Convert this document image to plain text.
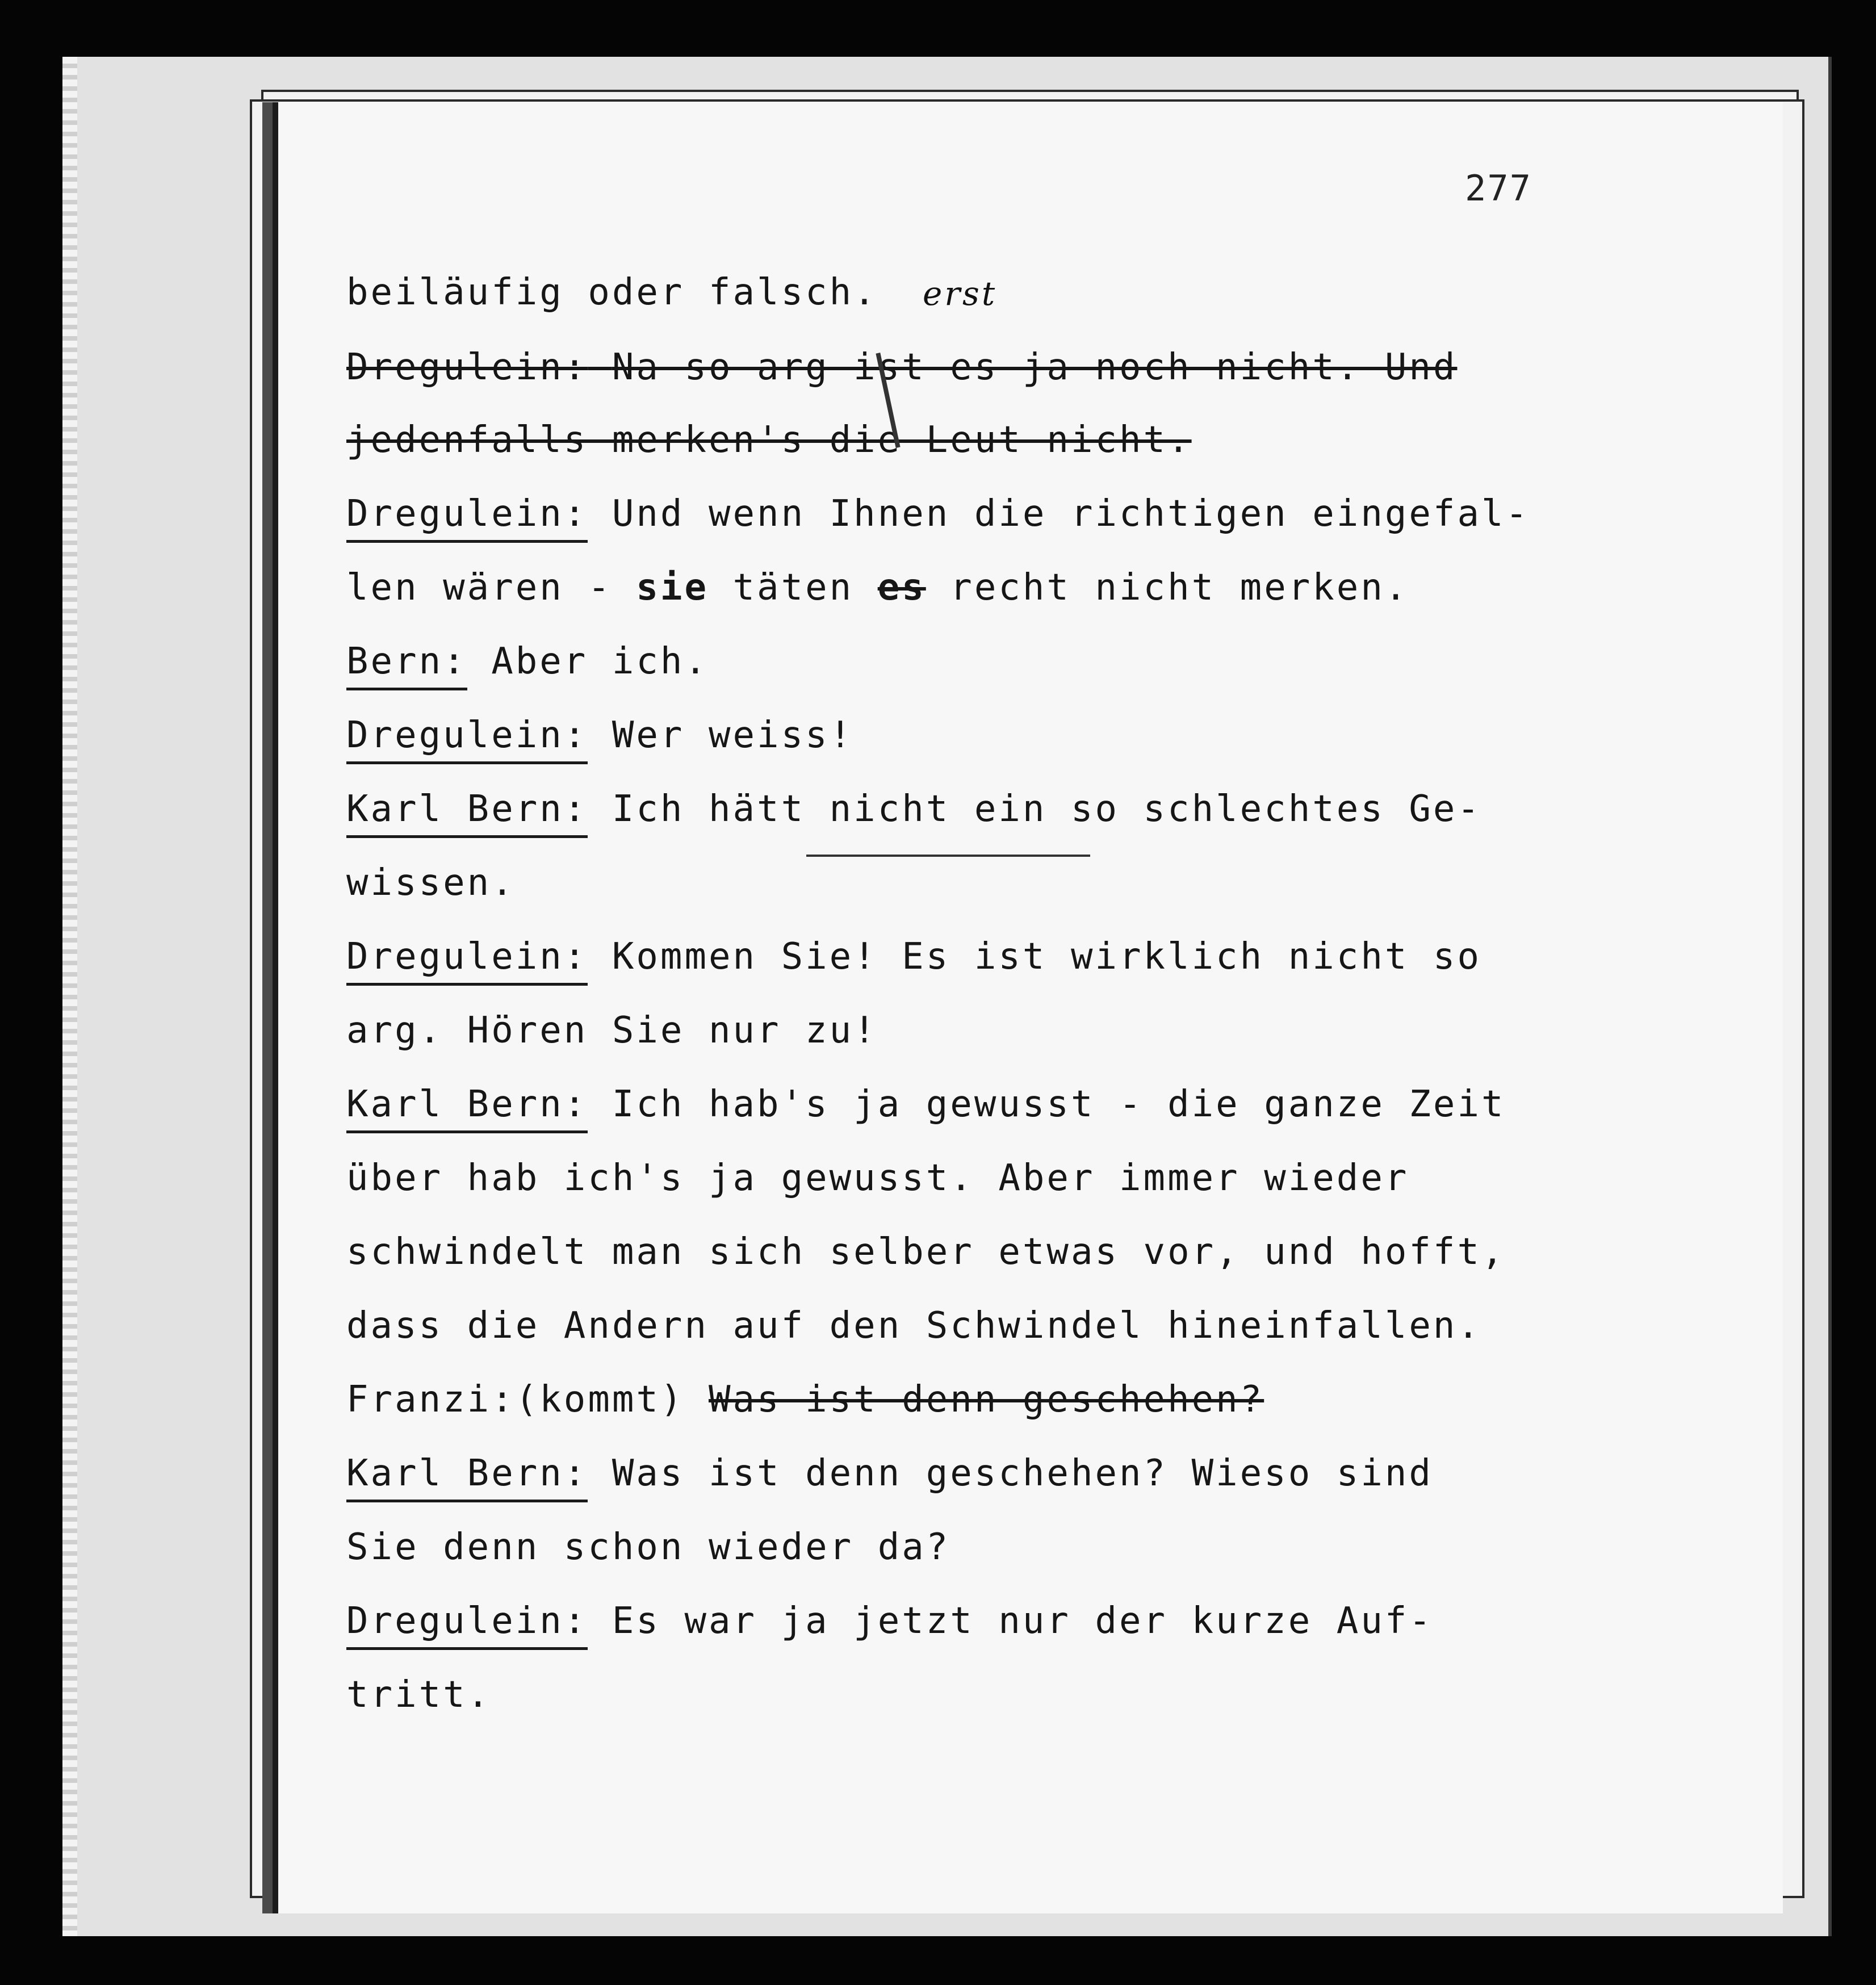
277
beiläufig oder falsch.
Dregulein: Na so arg ist es ja noch nicht. Und
jedenfalls merken's die Leut nicht.
Dregulein: Und wenn Ihnen die richtigen eingefal-
erst
len wären - sie täten es recht nicht merken.
Bern: Aber ich.
Dregulein: Wer weiss!
Karl Bern: Ich hätt nicht ein so schlechtes Ge-
wissen.
Dregulein: Kommen Sie! Es ist wirklich nicht so
arg. Hören Sie nur zu!
Karl Bern: Ich hab's ja gewusst - die ganze Zeit
über hab ich's ja gewusst. Aber immer wieder
schwindelt man sich selber etwas vor, und hofft,
dass die Andern auf den Schwindel hineinfallen.
Franzi:(kommt) Was ist denn geschehen?
Karl Bern: Was ist denn geschehen? Wieso sind
Sie denn schon wieder da?
Dregulein: Es war ja jetzt nur der kurze Auf-
tritt.
